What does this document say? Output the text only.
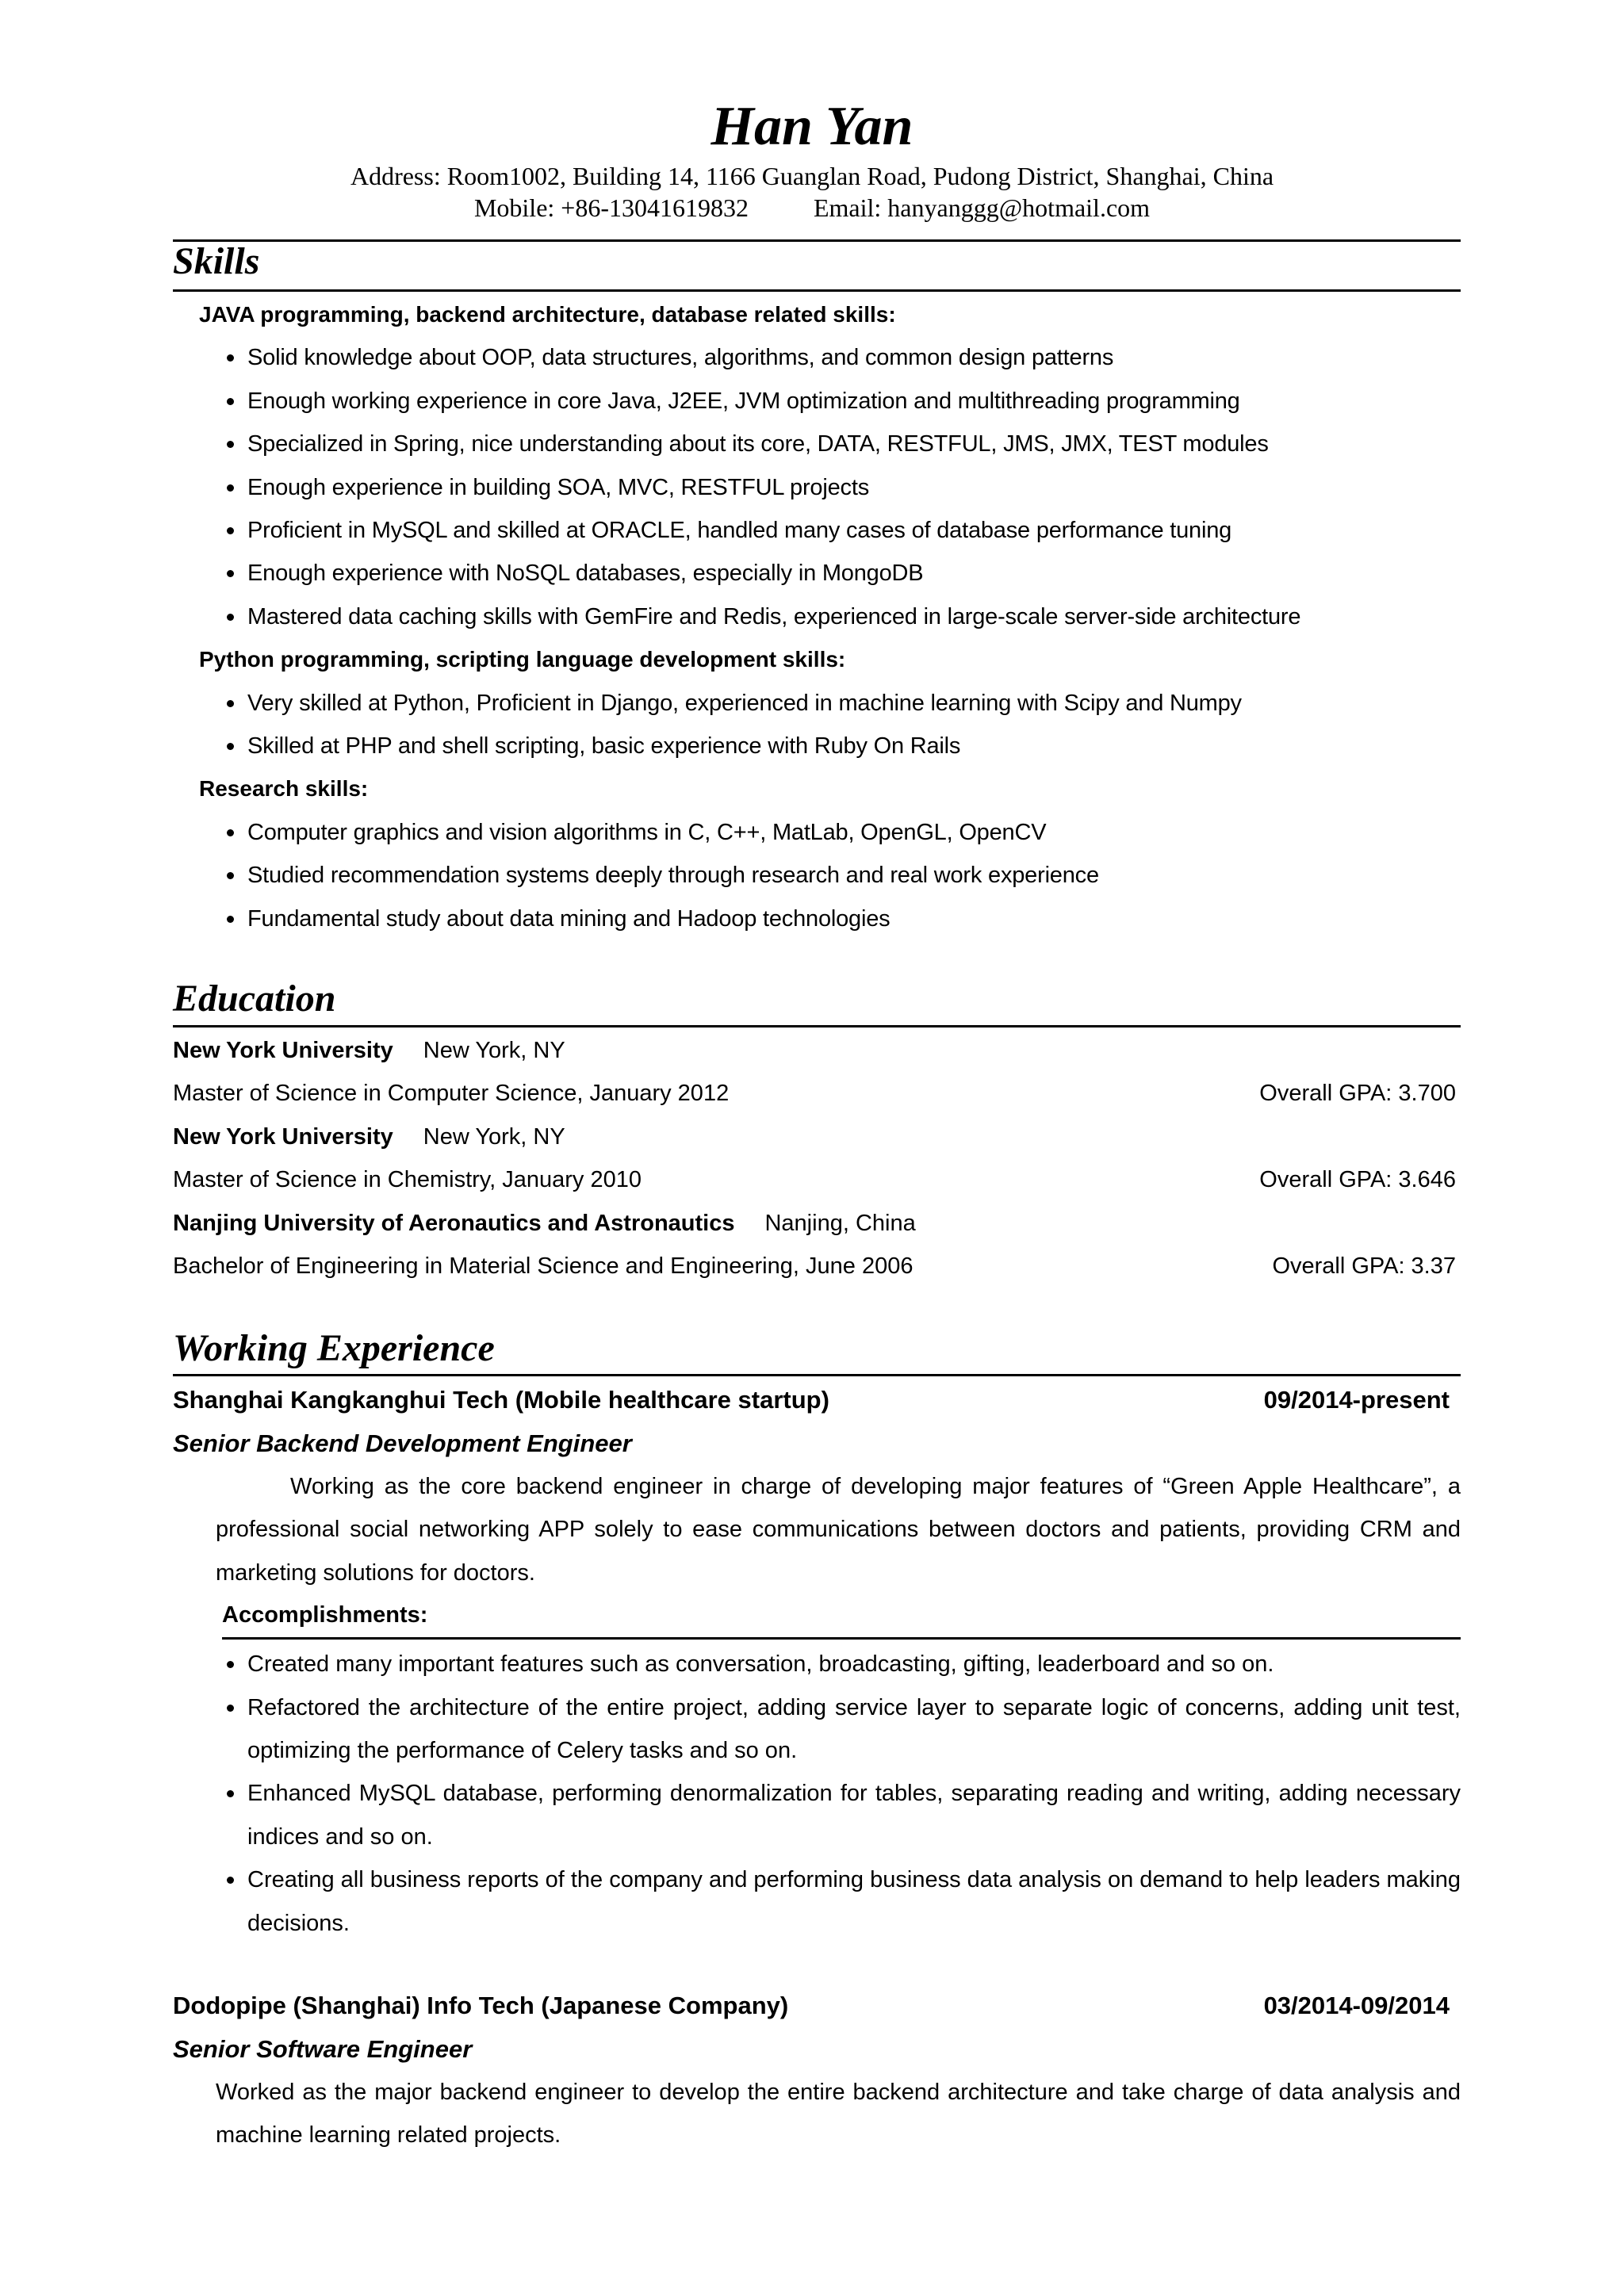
Han Yan

Address: Room1002, Building 14, 1166 Guanglan Road, Pudong District, Shanghai, China

Mobile: +86-13041619832	Email: hanyanggg@hotmail.com

Skills

JAVA programming, backend architecture, database related skills:

Solid knowledge about OOP, data structures, algorithms, and common design patterns
Enough working experience in core Java, J2EE, JVM optimization and multithreading programming
Specialized in Spring, nice understanding about its core, DATA, RESTFUL, JMS, JMX, TEST modules
Enough experience in building SOA, MVC, RESTFUL projects
Proficient in MySQL and skilled at ORACLE, handled many cases of database performance tuning
Enough experience with NoSQL databases, especially in MongoDB
Mastered data caching skills with GemFire and Redis, experienced in large-scale server-side architecture

Python programming, scripting language development skills:

Very skilled at Python, Proficient in Django, experienced in machine learning with Scipy and Numpy
Skilled at PHP and shell scripting, basic experience with Ruby On Rails

Research skills:

Computer graphics and vision algorithms in C, C++, MatLab, OpenGL, OpenCV
Studied recommendation systems deeply through research and real work experience
Fundamental study about data mining and Hadoop technologies
Education
New York University New York, NY
Master of Science in Computer Science, January 2012	Overall GPA: 3.700
New York University New York, NY
Master of Science in Chemistry, January 2010	Overall GPA: 3.646
Nanjing University of Aeronautics and Astronautics Nanjing, China
Bachelor of Engineering in Material Science and Engineering, June 2006	Overall GPA: 3.37
Working Experience
Shanghai Kangkanghui Tech (Mobile healthcare startup)	09/2014-present

Senior Backend Development Engineer

Working as the core backend engineer in charge of developing major features of “Green Apple Healthcare”, a professional social networking APP solely to ease communications between doctors and patients, providing CRM and marketing solutions for doctors.

Accomplishments:

Created many important features such as conversation, broadcasting, gifting, leaderboard and so on.
Refactored the architecture of the entire project, adding service layer to separate logic of concerns, adding unit test, optimizing the performance of Celery tasks and so on.
Enhanced MySQL database, performing denormalization for tables, separating reading and writing, adding necessary indices and so on.
Creating all business reports of the company and performing business data analysis on demand to help leaders making decisions.
Dodopipe (Shanghai) Info Tech (Japanese Company)	03/2014-09/2014

Senior Software Engineer

Worked as the major backend engineer to develop the entire backend architecture and take charge of data analysis and machine learning related projects.
